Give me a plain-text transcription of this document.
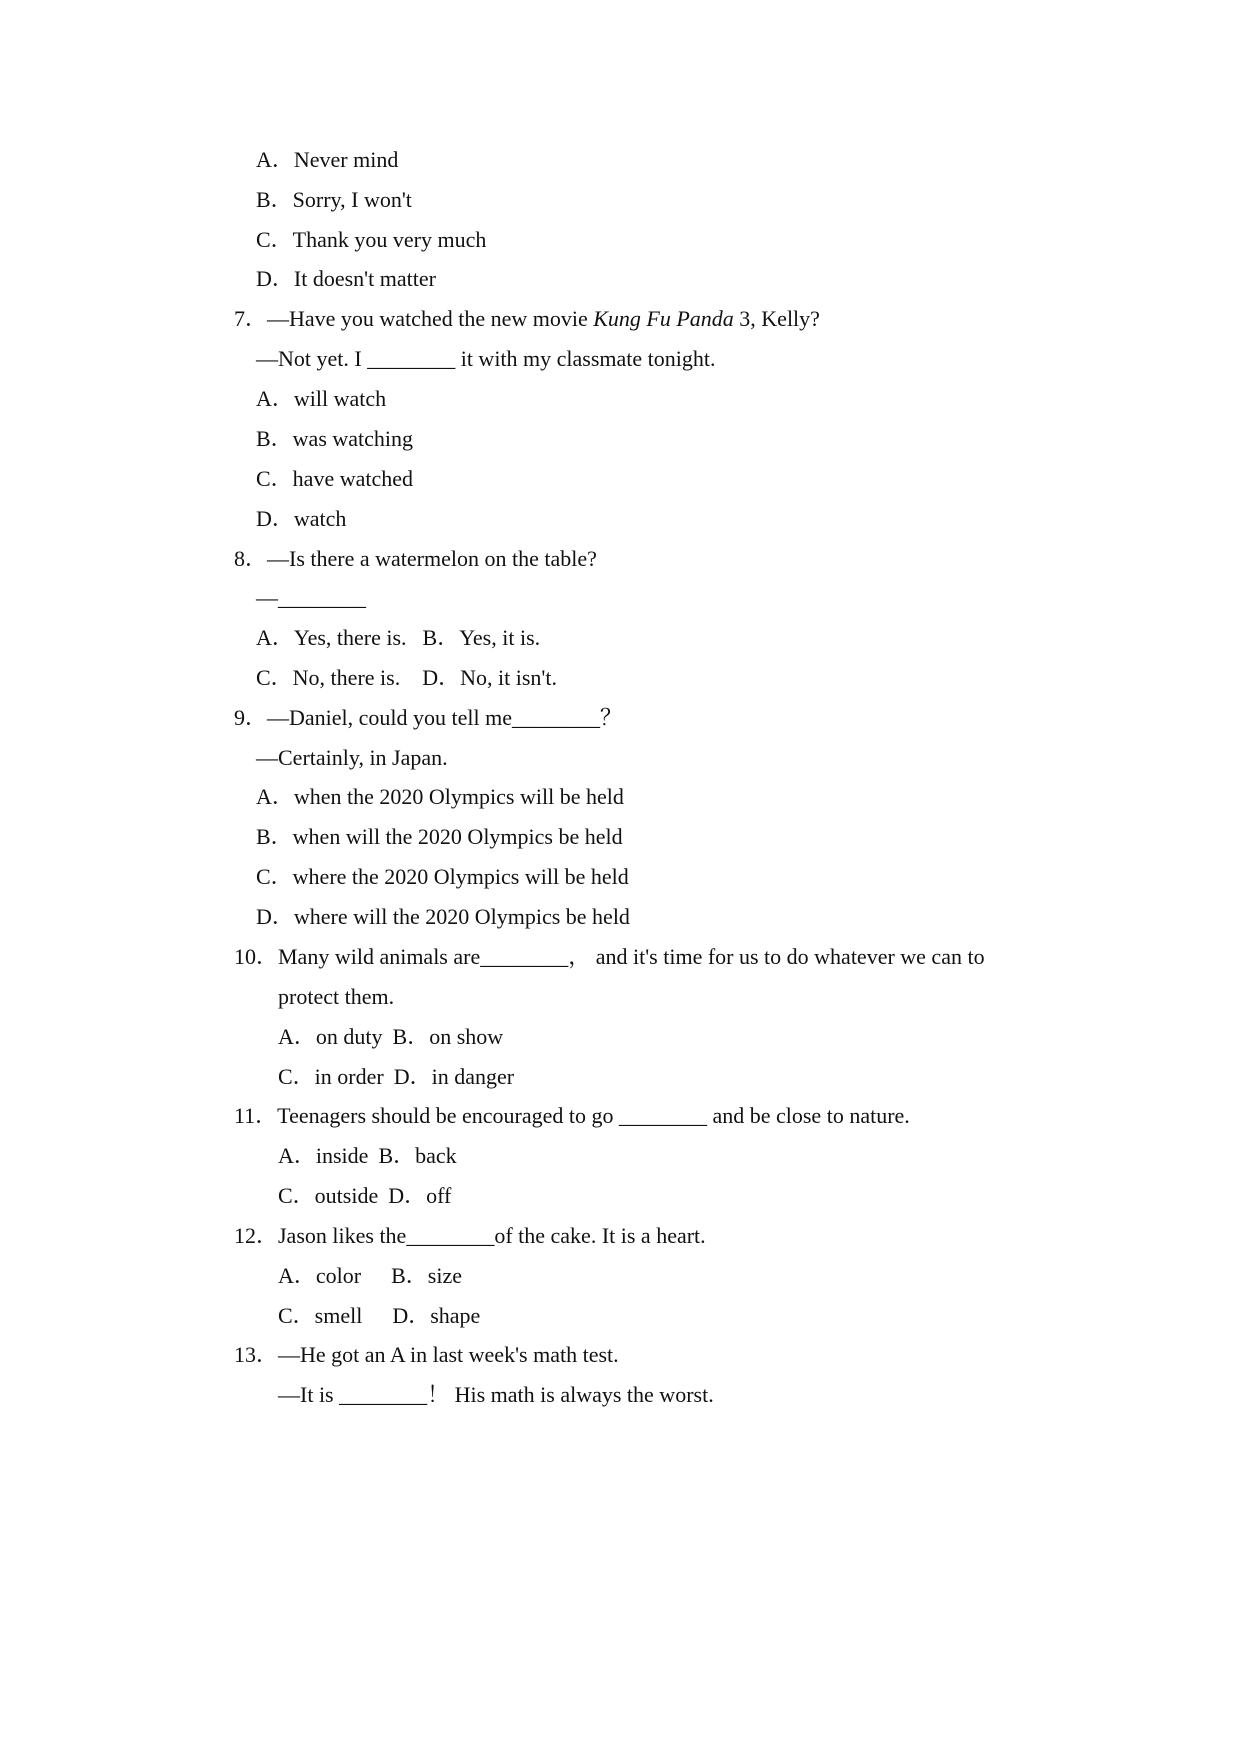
A．Never mind
B．Sorry, I won't
C．Thank you very much
D．It doesn't matter
7．—Have you watched the new movie Kung Fu Panda 3, Kelly?
—Not yet. I ________ it with my classmate tonight.
A．will watch
B．was watching
C．have watched
D．watch
8．—Is there a watermelon on the table?
—________
A．Yes, there is. B．Yes, it is.
C．No, there is. D．No, it isn't.
9．—Daniel, could you tell me________？
—Certainly, in Japan.
A．when the 2020 Olympics will be held
B．when will the 2020 Olympics be held
C．where the 2020 Olympics will be held
D．where will the 2020 Olympics be held
10．Many wild animals are________， and it's time for us to do whatever we can to
protect them.
A．on duty B．on show
C．in order D．in danger
11．Teenagers should be encouraged to go ________ and be close to nature.
A．inside B．back
C．outside D．off
12．Jason likes the________of the cake. It is a heart.
A．color B．size
C．smell D．shape
13．—He got an A in last week's math test.
—It is ________！ His math is always the worst.
